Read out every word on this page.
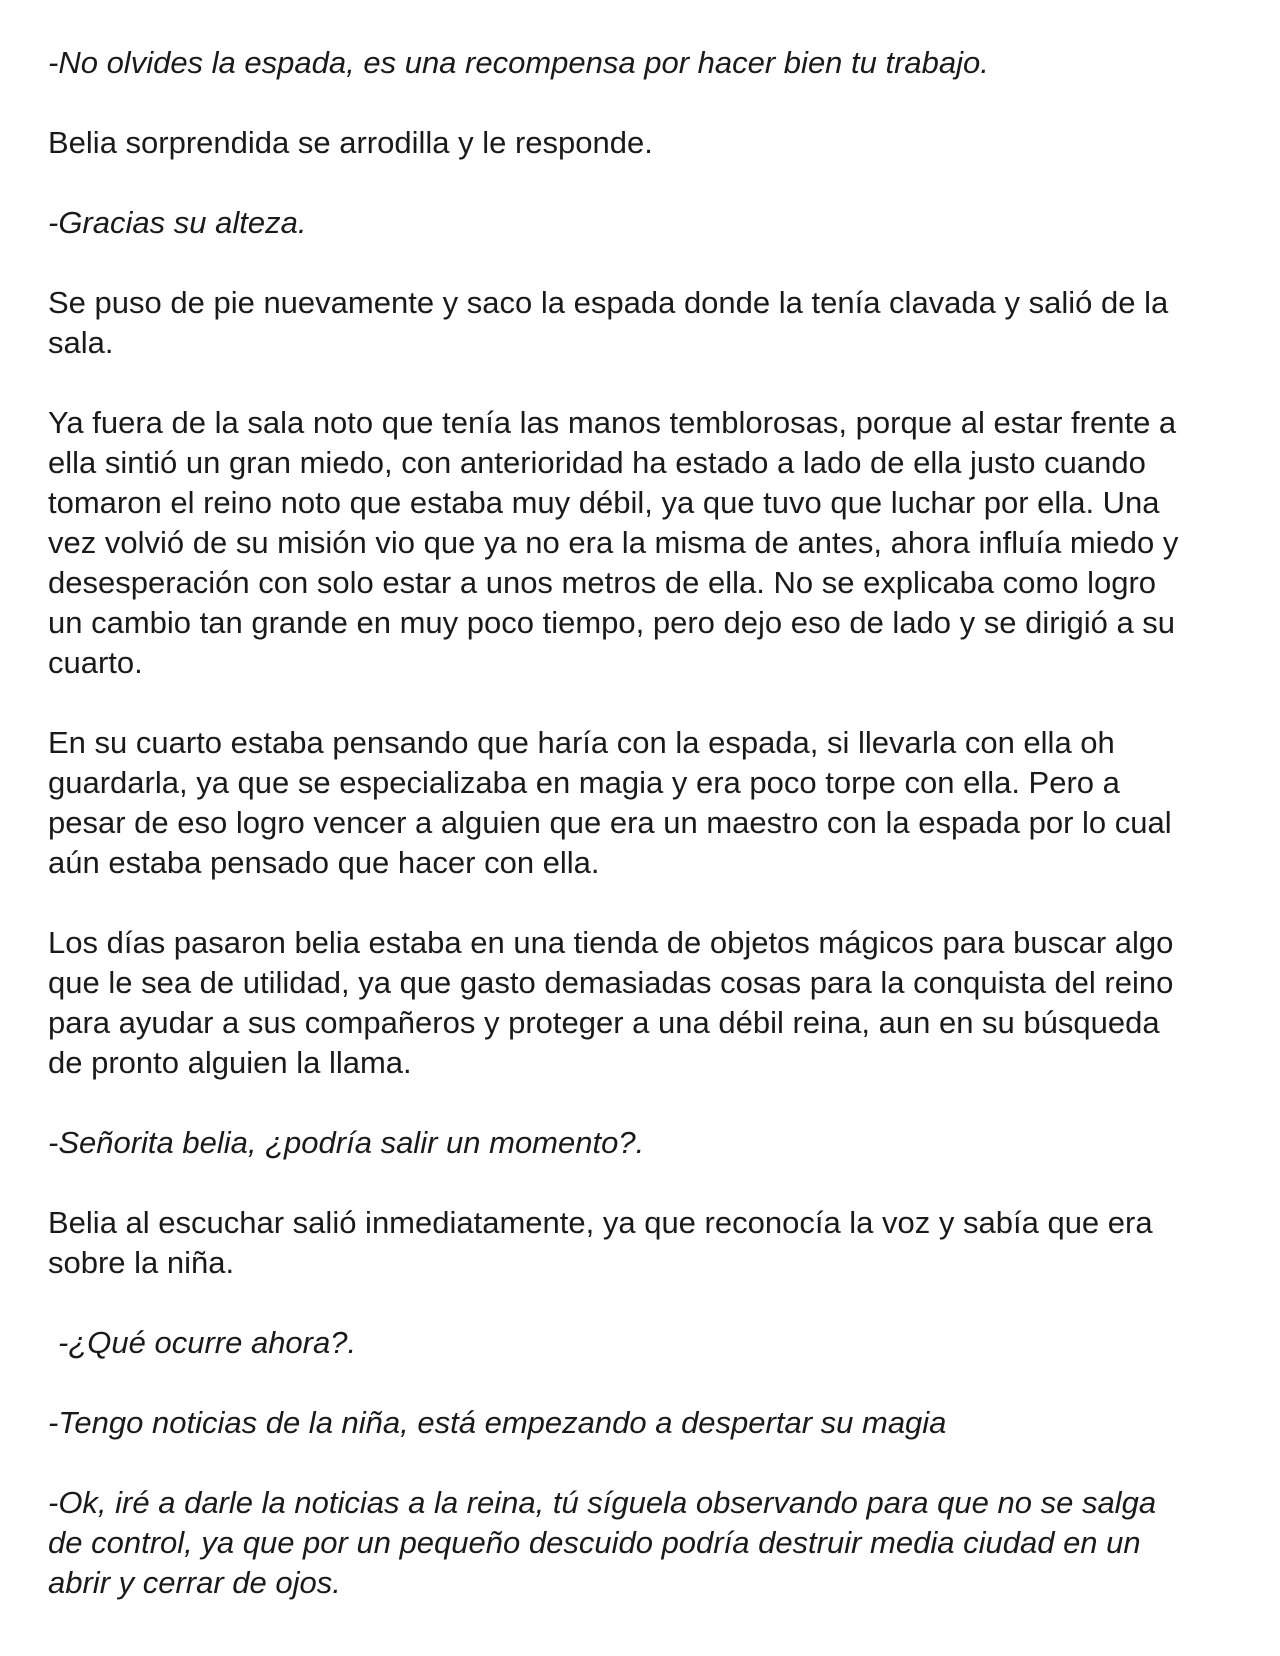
-No olvides la espada, es una recompensa por hacer bien tu trabajo.

Belia sorprendida se arrodilla y le responde.

-Gracias su alteza.

Se puso de pie nuevamente y saco la espada donde la tenía clavada y salió de la sala.

Ya fuera de la sala noto que tenía las manos temblorosas, porque al estar frente a ella sintió un gran miedo, con anterioridad ha estado a lado de ella justo cuando tomaron el reino noto que estaba muy débil, ya que tuvo que luchar por ella. Una vez volvió de su misión vio que ya no era la misma de antes, ahora influía miedo y desesperación con solo estar a unos metros de ella. No se explicaba como logro un cambio tan grande en muy poco tiempo, pero dejo eso de lado y se dirigió a su cuarto.

En su cuarto estaba pensando que haría con la espada, si llevarla con ella oh guardarla, ya que se especializaba en magia y era poco torpe con ella. Pero a pesar de eso logro vencer a alguien que era un maestro con la espada por lo cual aún estaba pensado que hacer con ella.

Los días pasaron belia estaba en una tienda de objetos mágicos para buscar algo que le sea de utilidad, ya que gasto demasiadas cosas para la conquista del reino para ayudar a sus compañeros y proteger a una débil reina, aun en su búsqueda de pronto alguien la llama.

-Señorita belia, ¿podría salir un momento?.

Belia al escuchar salió inmediatamente, ya que reconocía la voz y sabía que era sobre la niña.

-¿Qué ocurre ahora?.

-Tengo noticias de la niña, está empezando a despertar su magia

-Ok, iré a darle la noticias a la reina, tú síguela observando para que no se salga de control, ya que por un pequeño descuido podría destruir media ciudad en un abrir y cerrar de ojos.
